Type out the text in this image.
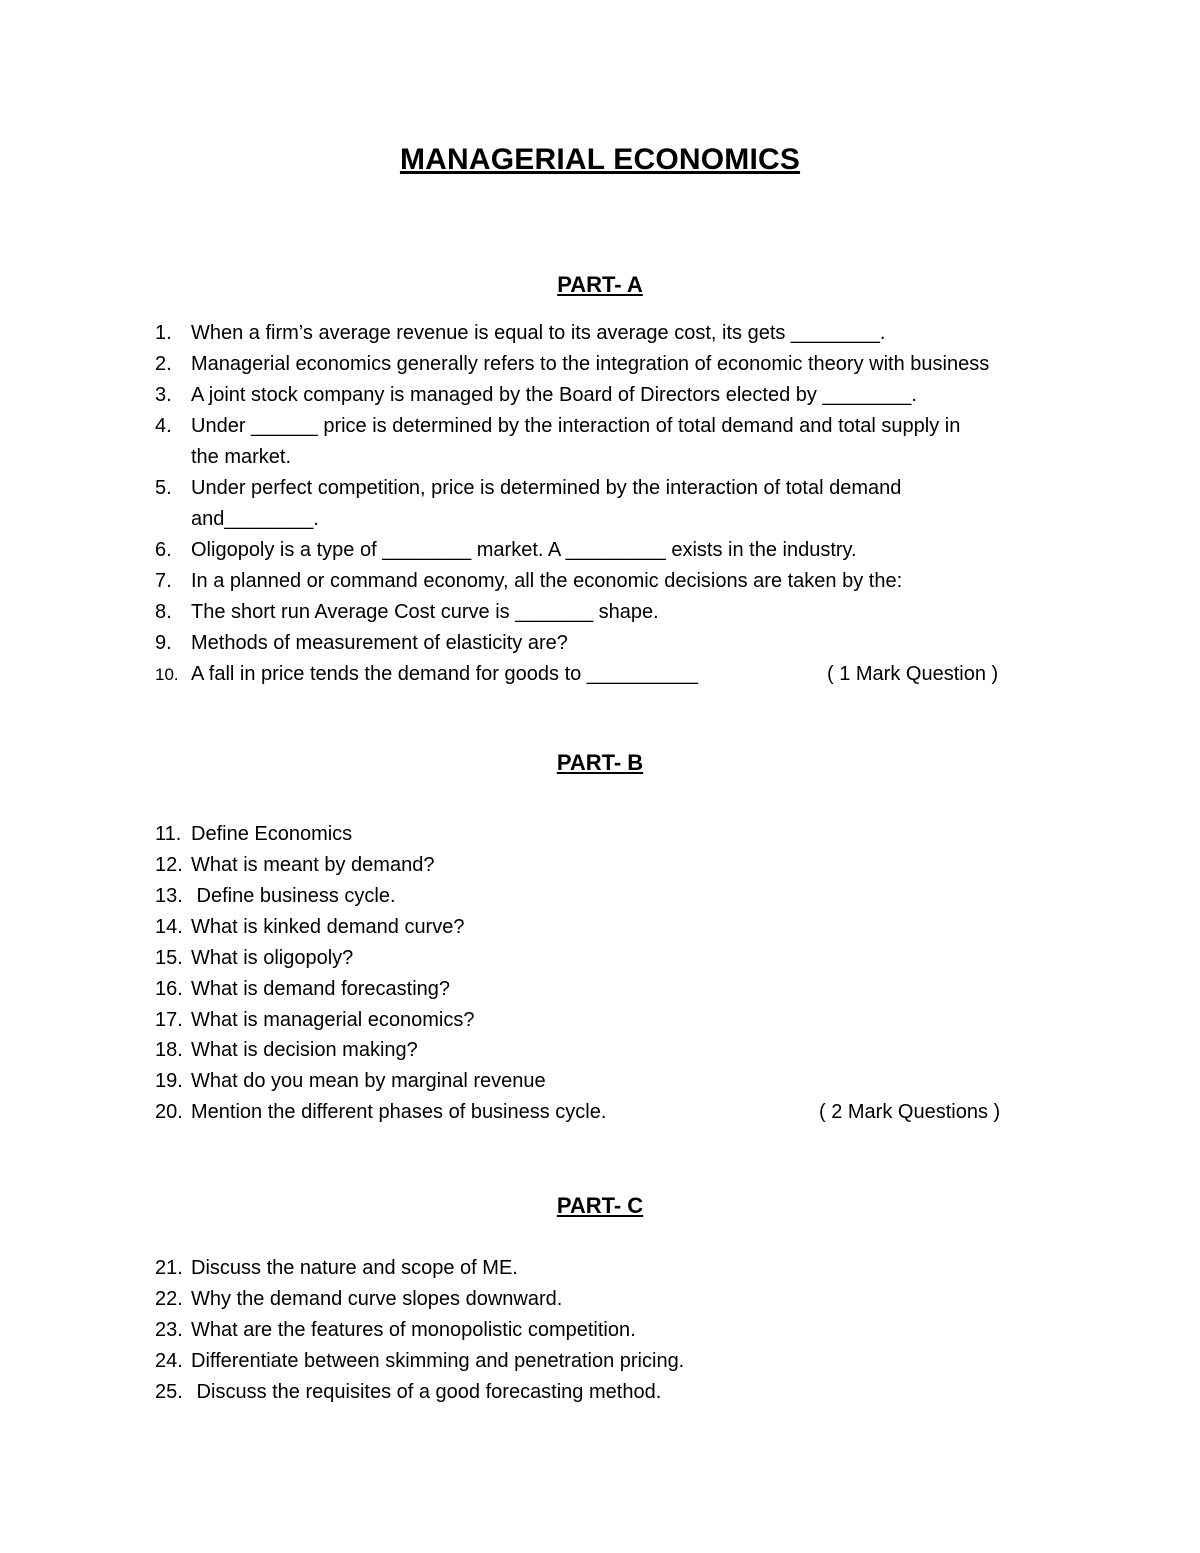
MANAGERIAL ECONOMICS
PART- A
1. When a firm’s average revenue is equal to its average cost, its gets ________.
2. Managerial economics generally refers to the integration of economic theory with business
3. A joint stock company is managed by the Board of Directors elected by ________.
4. Under ______ price is determined by the interaction of total demand and total supply in
the market.
5. Under perfect competition, price is determined by the interaction of total demand
and________.
6. Oligopoly is a type of ________ market. A _________ exists in the industry.
7. In a planned or command economy, all the economic decisions are taken by the:
8. The short run Average Cost curve is _______ shape.
9. Methods of measurement of elasticity are?
10. A fall in price tends the demand for goods to __________	( 1 Mark Question )
PART- B
11. Define Economics
12. What is meant by demand?
13. Define business cycle.
14. What is kinked demand curve?
15. What is oligopoly?
16. What is demand forecasting?
17. What is managerial economics?
18. What is decision making?
19. What do you mean by marginal revenue
20. Mention the different phases of business cycle.	( 2 Mark Questions )
PART- C
21. Discuss the nature and scope of ME.
22. Why the demand curve slopes downward.
23. What are the features of monopolistic competition.
24. Differentiate between skimming and penetration pricing.
25. Discuss the requisites of a good forecasting method.
